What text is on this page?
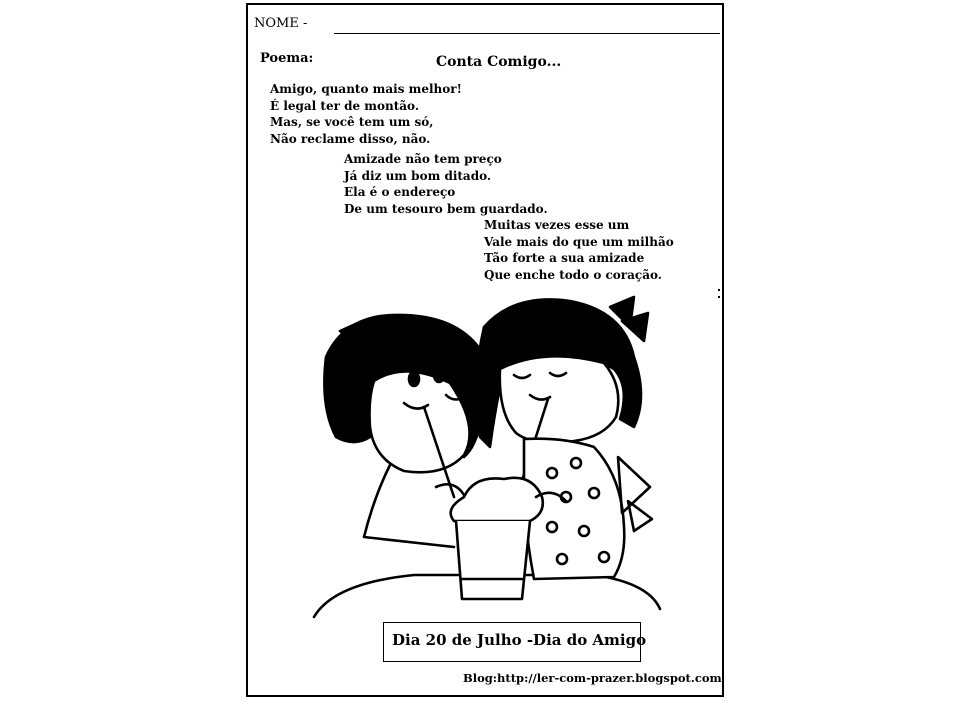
NOME -
Poema:	Conta Comigo...
Amigo, quanto mais melhor!
É legal ter de montão.
Mas, se você tem um só,
Não reclame disso, não.
Amizade não tem preço
Já diz um bom ditado.
Ela é o endereço
De um tesouro bem guardado.
Muitas vezes esse um
Vale mais do que um milhão
Tão forte a sua amizade
Que enche todo o coração.
Dia 20 de Julho -Dia do Amigo
Blog:http://ler-com-prazer.blogspot.com
